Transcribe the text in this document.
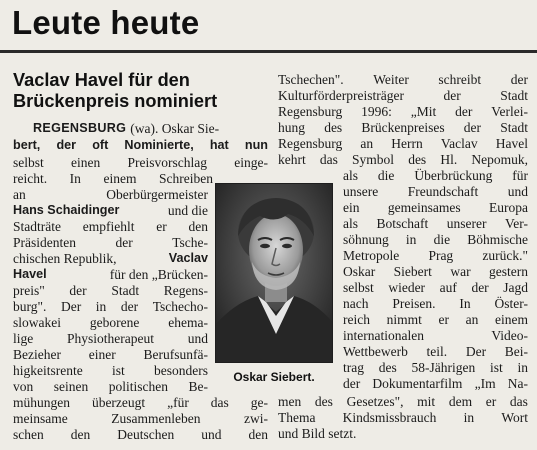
Leute heute
Vaclav Havel für den
Brückenpreis nominiert
REGENSBURG (wa). Oskar Sie-
bert, der oft Nominierte, hat nun
selbst einen Preisvorschlag einge-
reicht. In einem Schreiben
an	Oberbürgermeister
Hans Schaidinger	und die
Stadträte empfiehlt er den
Präsidenten	der	Tsche-
chischen Republik,	Vaclav
Havel	für den „Brücken-
preis" der Stadt Regens-
burg". Der in der Tschecho-
slowakei geborene ehema-
lige	Physiotherapeut	und
Bezieher einer Berufsunfä-
higkeitsrente ist besonders
von seinen politischen Be-
mühungen überzeugt „für das ge-
meinsame	Zusammenleben	zwi-
schen den Deutschen und den
Tschechen". Weiter schreibt der
Kulturförderpreisträger	der	Stadt
Regensburg 1996: „Mit der Verlei-
hung des Brückenpreises der Stadt
Regensburg an Herrn Vaclav Havel
kehrt das Symbol des Hl. Nepomuk,
als die Überbrückung für
unsere Freundschaft und
ein gemeinsames Europa
als Botschaft unserer Ver-
söhnung in die Böhmische
Metropole Prag zurück."
Oskar Siebert war gestern
selbst wieder auf der Jagd
nach Preisen. In Öster-
reich nimmt er an einem
internationalen	Video-
Wettbewerb teil. Der Bei-
trag des 58-Jährigen ist in
der Dokumentarfilm „Im Na-
men des Gesetzes", mit dem er das
Thema Kindsmissbrauch in Wort
und Bild setzt.
Oskar Siebert.
